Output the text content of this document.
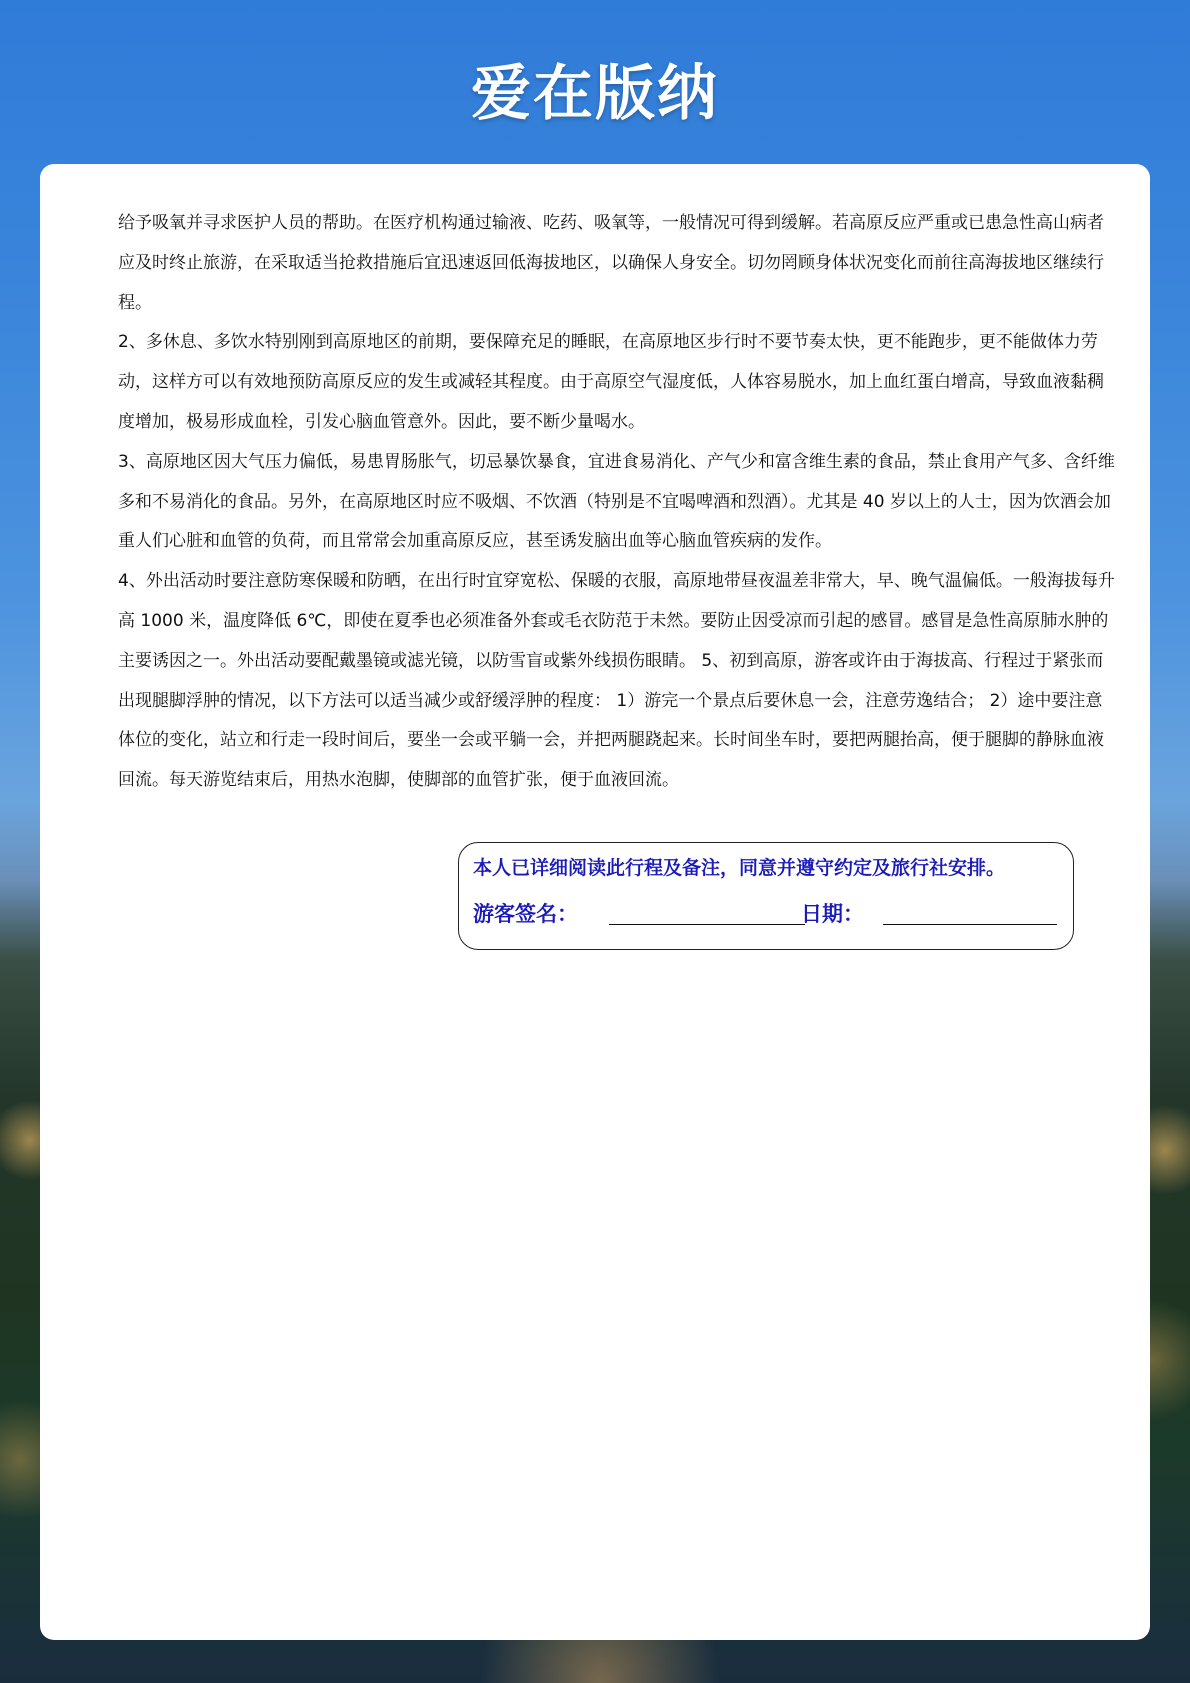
爱在版纳

给予吸氧并寻求医护人员的帮助。在医疗机构通过输液、吃药、吸氧等，一般情况可得到缓解。若高原反应严重或已患急性高山病者应及时终止旅游，在采取适当抢救措施后宜迅速返回低海拔地区，以确保人身安全。切勿罔顾身体状况变化而前往高海拔地区继续行程。

2、多休息、多饮水特别刚到高原地区的前期，要保障充足的睡眠，在高原地区步行时不要节奏太快，更不能跑步，更不能做体力劳动，这样方可以有效地预防高原反应的发生或减轻其程度。由于高原空气湿度低，人体容易脱水，加上血红蛋白增高，导致血液黏稠度增加，极易形成血栓，引发心脑血管意外。因此，要不断少量喝水。

3、高原地区因大气压力偏低，易患胃肠胀气，切忌暴饮暴食，宜进食易消化、产气少和富含维生素的食品，禁止食用产气多、含纤维多和不易消化的食品。另外，在高原地区时应不吸烟、不饮酒（特别是不宜喝啤酒和烈酒）。尤其是 40 岁以上的人士，因为饮酒会加重人们心脏和血管的负荷，而且常常会加重高原反应，甚至诱发脑出血等心脑血管疾病的发作。

4、外出活动时要注意防寒保暖和防晒，在出行时宜穿宽松、保暖的衣服，高原地带昼夜温差非常大，早、晚气温偏低。一般海拔每升高 1000 米，温度降低 6℃，即使在夏季也必须准备外套或毛衣防范于未然。要防止因受凉而引起的感冒。感冒是急性高原肺水肿的主要诱因之一。外出活动要配戴墨镜或滤光镜，以防雪盲或紫外线损伤眼睛。 5、初到高原，游客或许由于海拔高、行程过于紧张而出现腿脚浮肿的情况，以下方法可以适当减少或舒缓浮肿的程度： 1）游完一个景点后要休息一会，注意劳逸结合； 2）途中要注意体位的变化，站立和行走一段时间后，要坐一会或平躺一会，并把两腿跷起来。长时间坐车时，要把两腿抬高，便于腿脚的静脉血液回流。每天游览结束后，用热水泡脚，使脚部的血管扩张，便于血液回流。

本人已详细阅读此行程及备注，同意并遵守约定及旅行社安排。
游客签名：	日期：
